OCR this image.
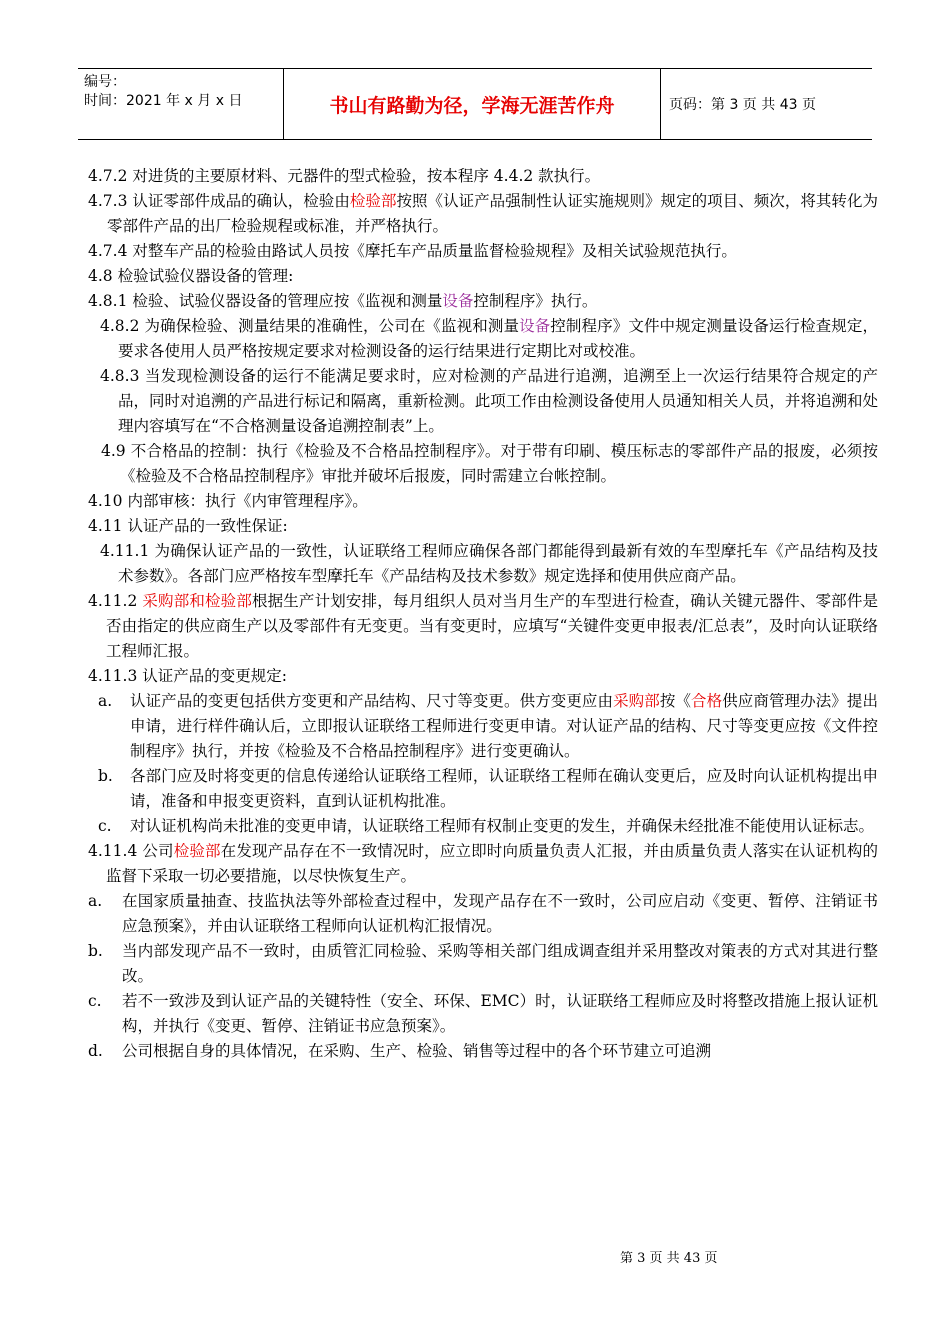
编号：
时间：2021 年 x 月 x 日	书山有路勤为径，学海无涯苦作舟	页码：第 3 页 共 43 页

4.7.2 对进货的主要原材料、元器件的型式检验，按本程序 4.4.2 款执行。

4.7.3 认证零部件成品的确认，检验由检验部按照《认证产品强制性认证实施规则》规定的项目、频次，将其转化为零部件产品的出厂检验规程或标准，并严格执行。

4.7.4 对整车产品的检验由路试人员按《摩托车产品质量监督检验规程》及相关试验规范执行。

4.8 检验试验仪器设备的管理:

4.8.1 检验、试验仪器设备的管理应按《监视和测量设备控制程序》执行。

4.8.2 为确保检验、测量结果的准确性，公司在《监视和测量设备控制程序》文件中规定测量设备运行检查规定，要求各使用人员严格按规定要求对检测设备的运行结果进行定期比对或校准。

4.8.3 当发现检测设备的运行不能满足要求时，应对检测的产品进行追溯，追溯至上一次运行结果符合规定的产品，同时对追溯的产品进行标记和隔离，重新检测。此项工作由检测设备使用人员通知相关人员，并将追溯和处理内容填写在“不合格测量设备追溯控制表”上。

4.9 不合格品的控制：执行《检验及不合格品控制程序》。对于带有印刷、模压标志的零部件产品的报废，必须按《检验及不合格品控制程序》审批并破坏后报废，同时需建立台帐控制。

4.10 内部审核：执行《内审管理程序》。

4.11 认证产品的一致性保证:

4.11.1 为确保认证产品的一致性，认证联络工程师应确保各部门都能得到最新有效的车型摩托车《产品结构及技术参数》。各部门应严格按车型摩托车《产品结构及技术参数》规定选择和使用供应商产品。

4.11.2 采购部和检验部根据生产计划安排，每月组织人员对当月生产的车型进行检查，确认关键元器件、零部件是否由指定的供应商生产以及零部件有无变更。当有变更时，应填写“关键件变更申报表/汇总表”，及时向认证联络工程师汇报。

4.11.3 认证产品的变更规定:

a.	认证产品的变更包括供方变更和产品结构、尺寸等变更。供方变更应由采购部按《合格供应商管理办法》提出申请，进行样件确认后，立即报认证联络工程师进行变更申请。对认证产品的结构、尺寸等变更应按《文件控制程序》执行，并按《检验及不合格品控制程序》进行变更确认。
b.	各部门应及时将变更的信息传递给认证联络工程师，认证联络工程师在确认变更后，应及时向认证机构提出申请，准备和申报变更资料，直到认证机构批准。
c.	对认证机构尚未批准的变更申请，认证联络工程师有权制止变更的发生，并确保未经批准不能使用认证标志。

4.11.4 公司检验部在发现产品存在不一致情况时，应立即时向质量负责人汇报，并由质量负责人落实在认证机构的监督下采取一切必要措施，以尽快恢复生产。

a.	在国家质量抽查、技监执法等外部检查过程中，发现产品存在不一致时，公司应启动《变更、暂停、注销证书应急预案》，并由认证联络工程师向认证机构汇报情况。
b.	当内部发现产品不一致时，由质管汇同检验、采购等相关部门组成调查组并采用整改对策表的方式对其进行整改。
c.	若不一致涉及到认证产品的关键特性（安全、环保、EMC）时，认证联络工程师应及时将整改措施上报认证机构，并执行《变更、暂停、注销证书应急预案》。
d.	公司根据自身的具体情况，在采购、生产、检验、销售等过程中的各个环节建立可追溯
第 3 页 共 43 页
